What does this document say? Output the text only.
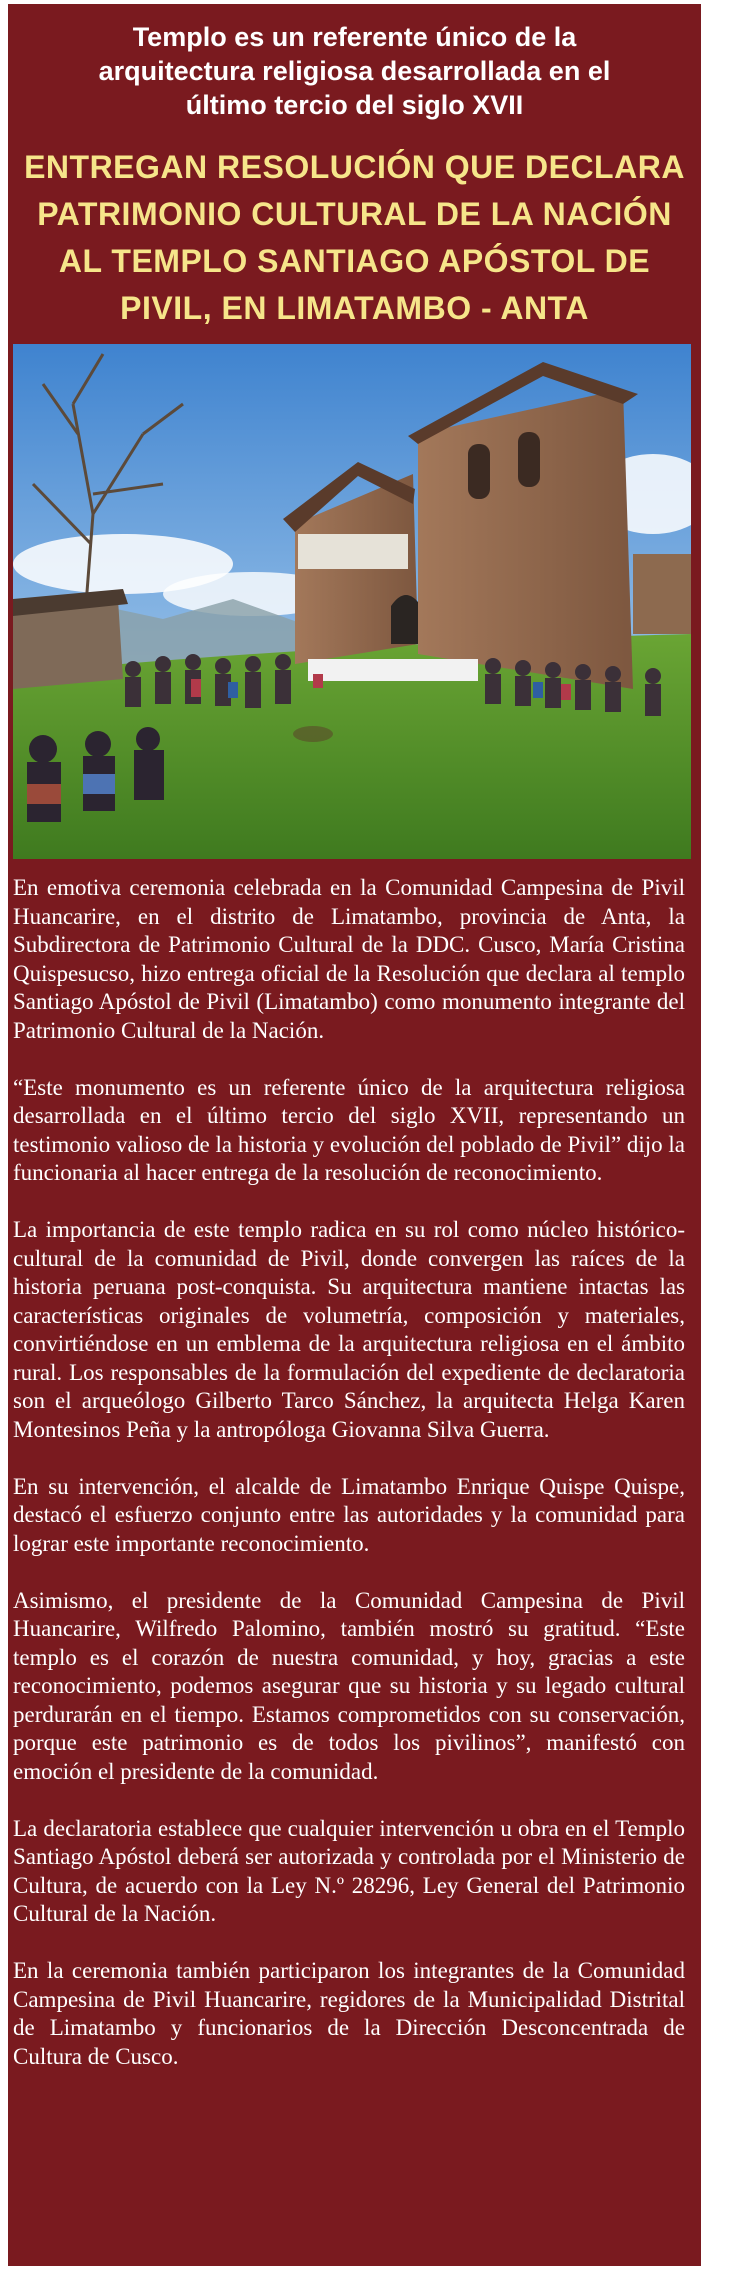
Templo es un referente único de la
arquitectura religiosa desarrollada en el
último tercio del siglo XVII
ENTREGAN RESOLUCIÓN QUE DECLARA
PATRIMONIO CULTURAL DE LA NACIÓN
AL TEMPLO SANTIAGO APÓSTOL DE
PIVIL, EN LIMATAMBO - ANTA

En emotiva ceremonia celebrada en la Comunidad Campesina de Pivil Huancarire, en el distrito de Limatambo, provincia de Anta, la Subdirectora de Patrimonio Cultural de la DDC. Cusco, María Cristina Quispesucso, hizo entrega oficial de la Resolución que declara al templo Santiago Apóstol de Pivil (Limatambo) como monumento integrante del Patrimonio Cultural de la Nación.

“Este monumento es un referente único de la arquitectura religiosa desarrollada en el último tercio del siglo XVII, representando un testimonio valioso de la historia y evolución del poblado de Pivil” dijo la funcionaria al hacer entrega de la resolución de reconocimiento.

La importancia de este templo radica en su rol como núcleo histórico-cultural de la comunidad de Pivil, donde convergen las raíces de la historia peruana post-conquista. Su arquitectura mantiene intactas las características originales de volumetría, composición y materiales, convirtiéndose en un emblema de la arquitectura religiosa en el ámbito rural. Los responsables de la formulación del expediente de declaratoria son el arqueólogo Gilberto Tarco Sánchez, la arquitecta Helga Karen Montesinos Peña y la antropóloga Giovanna Silva Guerra.

En su intervención, el alcalde de Limatambo Enrique Quispe Quispe, destacó el esfuerzo conjunto entre las autoridades y la comunidad para lograr este importante reconocimiento.

Asimismo, el presidente de la Comunidad Campesina de Pivil Huancarire, Wilfredo Palomino, también mostró su gratitud. “Este templo es el corazón de nuestra comunidad, y hoy, gracias a este reconocimiento, podemos asegurar que su historia y su legado cultural perdurarán en el tiempo. Estamos comprometidos con su conservación, porque este patrimonio es de todos los pivilinos”, manifestó con emoción el presidente de la comunidad.

La declaratoria establece que cualquier intervención u obra en el Templo Santiago Apóstol deberá ser autorizada y controlada por el Ministerio de Cultura, de acuerdo con la Ley N.º 28296, Ley General del Patrimonio Cultural de la Nación.

En la ceremonia también participaron los integrantes de la Comunidad Campesina de Pivil Huancarire, regidores de la Municipalidad Distrital de Limatambo y funcionarios de la Dirección Desconcentrada de Cultura de Cusco.
